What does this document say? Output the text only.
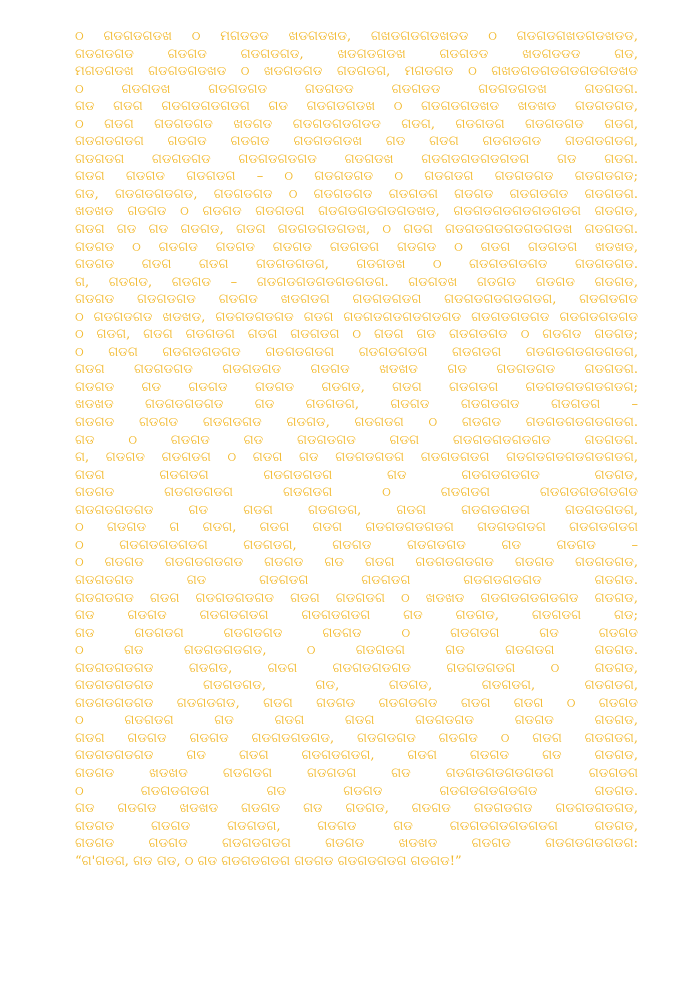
ଠ ଗଡଗଡଗଡଖ ଠ ମଗଡଡଡ ଖଡଗଡଖଡ, ଗଖଡଗଡଗଡଖଡଡ ଠ ଗଡଗଡଗଖଡଗଡଖଡଡ,
ଗଡଗଡଗଡ ଗଡଗଡ ଗଡଗଡଗଡ, ଖଡଗଡଗଡଖ ଗଡଗଡଡ ଖଡଗଡଡଡ ଗଡ,
ମଗଡଗଡଖ ଗଡଗଡଗଡଖଡ ଠ ଖଡଗଡଗଡ ଗଡଗଡଗ, ମଗଡଗଡ ଠ ଗଖଡଗଡଗଡଗଡଗଡଗଡଖଡ
ଠ ଗଡଗଡଖ ଗଡଗଡଗଡ ଗଡଗଡଡ ଗଡଗଡଡ ଗଡଗଡଗଡଖ ଗଡଗଡଗ.
ଗଡ ଗଡଗ ଗଡଗଡଗଡଗଡଗ ଗଡ ଗଡଗଡଗଡଖ ଠ ଗଡଗଡଗଡଖଡ ଖଡଖଡ ଗଡଗଡଗଡ,
ଠ ଗଡଗ ଗଡଗଡଗଡ ଖଡଗଡ ଗଡଗଡଗଡଗଡଡ ଗଡଗ, ଗଡଗଡଗ ଗଡଗଡଗଡ ଗଡଗ,
ଗଡଗଡଗଡଗ ଗଡଗଡ ଗଡଗଡ ଗଡଗଡଗଡଖ ଗଡ ଗଡଗ ଗଡଗଡଗଡ ଗଡଗଡଗଡଗ,
ଗଡଗଡଗ ଗଡଗଡଗଡ ଗଡଗଡଗଡଗଡ ଗଡଗଡଖ ଗଡଗଡଗଡଗଡଗଡଗ ଗଡ ଗଡଗ.
ଗଡଗ ଗଡଗଡ ଗଡଗଡଗ – ଠ ଗଡଗଡଗଡ ଠ ଗଡଗଡଗ ଗଡଗଡଗଡ ଗଡଗଡଗଡ;
ଗଡ, ଗଡଗଡଗଡଗଡ, ଗଡଗଡଗଡ ଠ ଗଡଗଡଗଡ ଗଡଗଡଗ ଗଡଗଡ ଗଡଗଡଗଡ ଗଡଗଡଗ.
ଖଡଖଡ ଗଡଗଡ ଠ ଗଡଗଡ ଗଡଗଡଗ ଗଡଗଡଗଡଗଡଗଡଖଡ, ଗଡଗଡଗଡଗଡଗଡଗଡଗ ଗଡଗଡ,
ଗଡଗ ଗଡ ଗଡ ଗଡଗଡ, ଗଡଗ ଗଡଗଡଗଡଗଡଖ, ଠ ଗଡଗ ଗଡଗଡଗଡଗଡଗଡଗଡଖ ଗଡଗଡଗ.
ଗଡଗଡ ଠ ଗଡଗଡ ଗଡଗଡ ଗଡଗଡ ଗଡଗଡଗ ଗଡଗଡ ଠ ଗଡଗ ଗଡଗଡଗ ଖଡଖଡ,
ଗଡଗଡ ଗଡଗ ଗଡଗ ଗଡଗଡଗଡଗ, ଗଡଗଡଖ ଠ ଗଡଗଡଗଡଗଡ ଗଡଗଡଗଡ.
ଗ, ଗଡଗଡ, ଗଡଗଡ – ଗଡଗଡଗଡଗଡଗଡଗଡଗ. ଗଡଗଡଖ ଗଡଗଡ ଗଡଗଡ ଗଡଗଡ,
ଗଡଗଡ ଗଡଗଡଗଡ ଗଡଗଡ ଖଡଗଡଗ ଗଡଗଡଗଡଗ ଗଡଗଡଗଡଗଡଗଡଗ, ଗଡଗଡଗଡ
ଠ ଗଡଗଡଗଡ ଖଡଖଡ, ଗଡଗଡଗଡଗଡ ଗଡଗ ଗଡଗଡଗଡଗଡଗଡଗଡ ଗଡଗଡଗଡଗଡ ଗଡଗଡଗଡଗଡ
ଠ ଗଡଗ, ଗଡଗ ଗଡଗଡଗ ଗଡଗ ଗଡଗଡଗ ଠ ଗଡଗ ଗଡ ଗଡଗଡଗଡ ଠ ଗଡଗଡ ଗଡଗଡ;
ଠ ଗଡଗ ଗଡଗଡଗଡଗଡ ଗଡଗଡଗଡଗ ଗଡଗଡଗଡଗ ଗଡଗଡଗ ଗଡଗଡଗଡଗଡଗଡଗ,
ଗଡଗ ଗଡଗଡଗଡ ଗଡଗଡଗଡ ଗଡଗଡ ଖଡଖଡ ଗଡ ଗଡଗଡଗଡ ଗଡଗଡଗ.
ଗଡଗଡ ଗଡ ଗଡଗଡ ଗଡଗଡ ଗଡଗଡ, ଗଡଗ ଗଡଗଡଗ ଗଡଗଡଗଡଗଡଗଡଗ;
ଖଡଖଡ ଗଡଗଡଗଡଗଡ ଗଡ ଗଡଗଡଗ, ଗଡଗଡ ଗଡଗଡଗଡ ଗଡଗଡଗ –
ଗଡଗଡ ଗଡଗଡ ଗଡଗଡଗଡ ଗଡଗଡ, ଗଡଗଡଗ ଠ ଗଡଗଡ ଗଡଗଡଗଡଗଡଗଡଗ.
ଗଡ ଠ ଗଡଗଡ ଗଡ ଗଡଗଡଗଡ ଗଡଗ ଗଡଗଡଗଡଗଡଗଡ ଗଡଗଡଗ.
ଗ, ଗଡଗଡ ଗଡଗଡଗ ଠ ଗଡଗ ଗଡ ଗଡଗଡଗଡଗ ଗଡଗଡଗଡଗ ଗଡଗଡଗଡଗଡଗଡଗଡଗ,
ଗଡଗ ଗଡଗଡଗ ଗଡଗଡଗଡଗ ଗଡ ଗଡଗଡଗଡଗଡ ଗଡଗଡ,
ଗଡଗଡ ଗଡଗଡଗଡଗ ଗଡଗଡଗ ଠ ଗଡଗଡଗ ଗଡଗଡଗଡଗଡଗଡ
ଗଡଗଡଗଡଗଡ ଗଡ ଗଡଗ ଗଡଗଡଗ, ଗଡଗ ଗଡଗଡଗଡଗ ଗଡଗଡଗଡଗ,
ଠ ଗଡଗଡ ଗ ଗଡଗ, ଗଡଗ ଗଡଗ ଗଡଗଡଗଡଗଡଗ ଗଡଗଡଗଡଗ ଗଡଗଡଗଡଗ
ଠ ଗଡଗଡଗଡଗଡଗ ଗଡଗଡଗ, ଗଡଗଡ ଗଡଗଡଗଡ ଗଡ ଗଡଗଡ –
ଠ ଗଡଗଡ ଗଡଗଡଗଡଗଡ ଗଡଗଡ ଗଡ ଗଡଗ ଗଡଗଡଗଡଗଡ ଗଡଗଡ ଗଡଗଡଗଡ,
ଗଡଗଡଗଡ ଗଡ ଗଡଗଡଗ ଗଡଗଡଗ ଗଡଗଡଗଡଗଡ ଗଡଗଡ.
ଗଡଗଡଗଡ ଗଡଗ ଗଡଗଡଗଡଗଡ ଗଡଗ ଗଡଗଡଗ ଠ ଖଡଖଡ ଗଡଗଡଗଡଗଡଗଡ ଗଡଗଡ,
ଗଡ ଗଡଗଡ ଗଡଗଡଗଡଗ ଗଡଗଡଗଡଗ ଗଡ ଗଡଗଡ, ଗଡଗଡଗ ଗଡ;
ଗଡ ଗଡଗଡଗ ଗଡଗଡଗଡ ଗଡଗଡ ଠ ଗଡଗଡଗ ଗଡ ଗଡଗଡ
ଠ ଗଡ ଗଡଗଡଗଡଗଡ, ଠ ଗଡଗଡଗ ଗଡ ଗଡଗଡଗ ଗଡଗଡ.
ଗଡଗଡଗଡଗଡ ଗଡଗଡ, ଗଡଗ ଗଡଗଡଗଡଗଡ ଗଡଗଡଗଡଗ ଠ ଗଡଗଡ,
ଗଡଗଡଗଡଗଡ ଗଡଗଡଗଡ, ଗଡ, ଗଡଗଡ, ଗଡଗଡଗ, ଗଡଗଡଗ,
ଗଡଗଡଗଡଗଡ ଗଡଗଡଗଡ, ଗଡଗ ଗଡଗଡ ଗଡଗଡଗଡ ଗଡଗ ଗଡଗ ଠ ଗଡଗଡ
ଠ ଗଡଗଡଗ ଗଡ ଗଡଗ ଗଡଗ ଗଡଗଡଗଡ ଗଡଗଡ ଗଡଗଡ,
ଗଡଗ ଗଡଗଡ ଗଡଗଡ ଗଡଗଡଗଡଗଡ, ଗଡଗଡଗଡ ଗଡଗଡ ଠ ଗଡଗ ଗଡଗଡଗ,
ଗଡଗଡଗଡଗଡ ଗଡ ଗଡଗ ଗଡଗଡଗଡଗ, ଗଡଗ ଗଡଗଡ ଗଡ ଗଡଗଡ,
ଗଡଗଡ ଖଡଖଡ ଗଡଗଡଗ ଗଡଗଡଗ ଗଡ ଗଡଗଡଗଡଗଡଗଡଗ ଗଡଗଡଗ
ଠ ଗଡଗଡଗଡଗ ଗଡ ଗଡଗଡ ଗଡଗଡଗଡଗଡଗଡ ଗଡଗଡ.
ଗଡ ଗଡଗଡ ଖଡଖଡ ଗଡଗଡ ଗଡ ଗଡଗଡ, ଗଡଗଡ ଗଡଗଡଗଡ ଗଡଗଡଗଡଗଡ,
ଗଡଗଡ ଗଡଗଡ ଗଡଗଡଗ, ଗଡଗଡ ଗଡ ଗଡଗଡଗଡଗଡଗଡଗ ଗଡଗଡ,
ଗଡଗଡ ଗଡଗଡ ଗଡଗଡଗଡଗ ଗଡଗଡ ଖଡଖଡ ଗଡଗଡ ଗଡଗଡଗଡଗଡଗ:
“ଗ'ଗଡଗ, ଗଡ ଗଡ, ଠ ଗଡ ଗଡଗଡଗଡଗ ଗଡଗଡ ଗଡଗଡଗଡଗ ଗଡଗଡ!”
